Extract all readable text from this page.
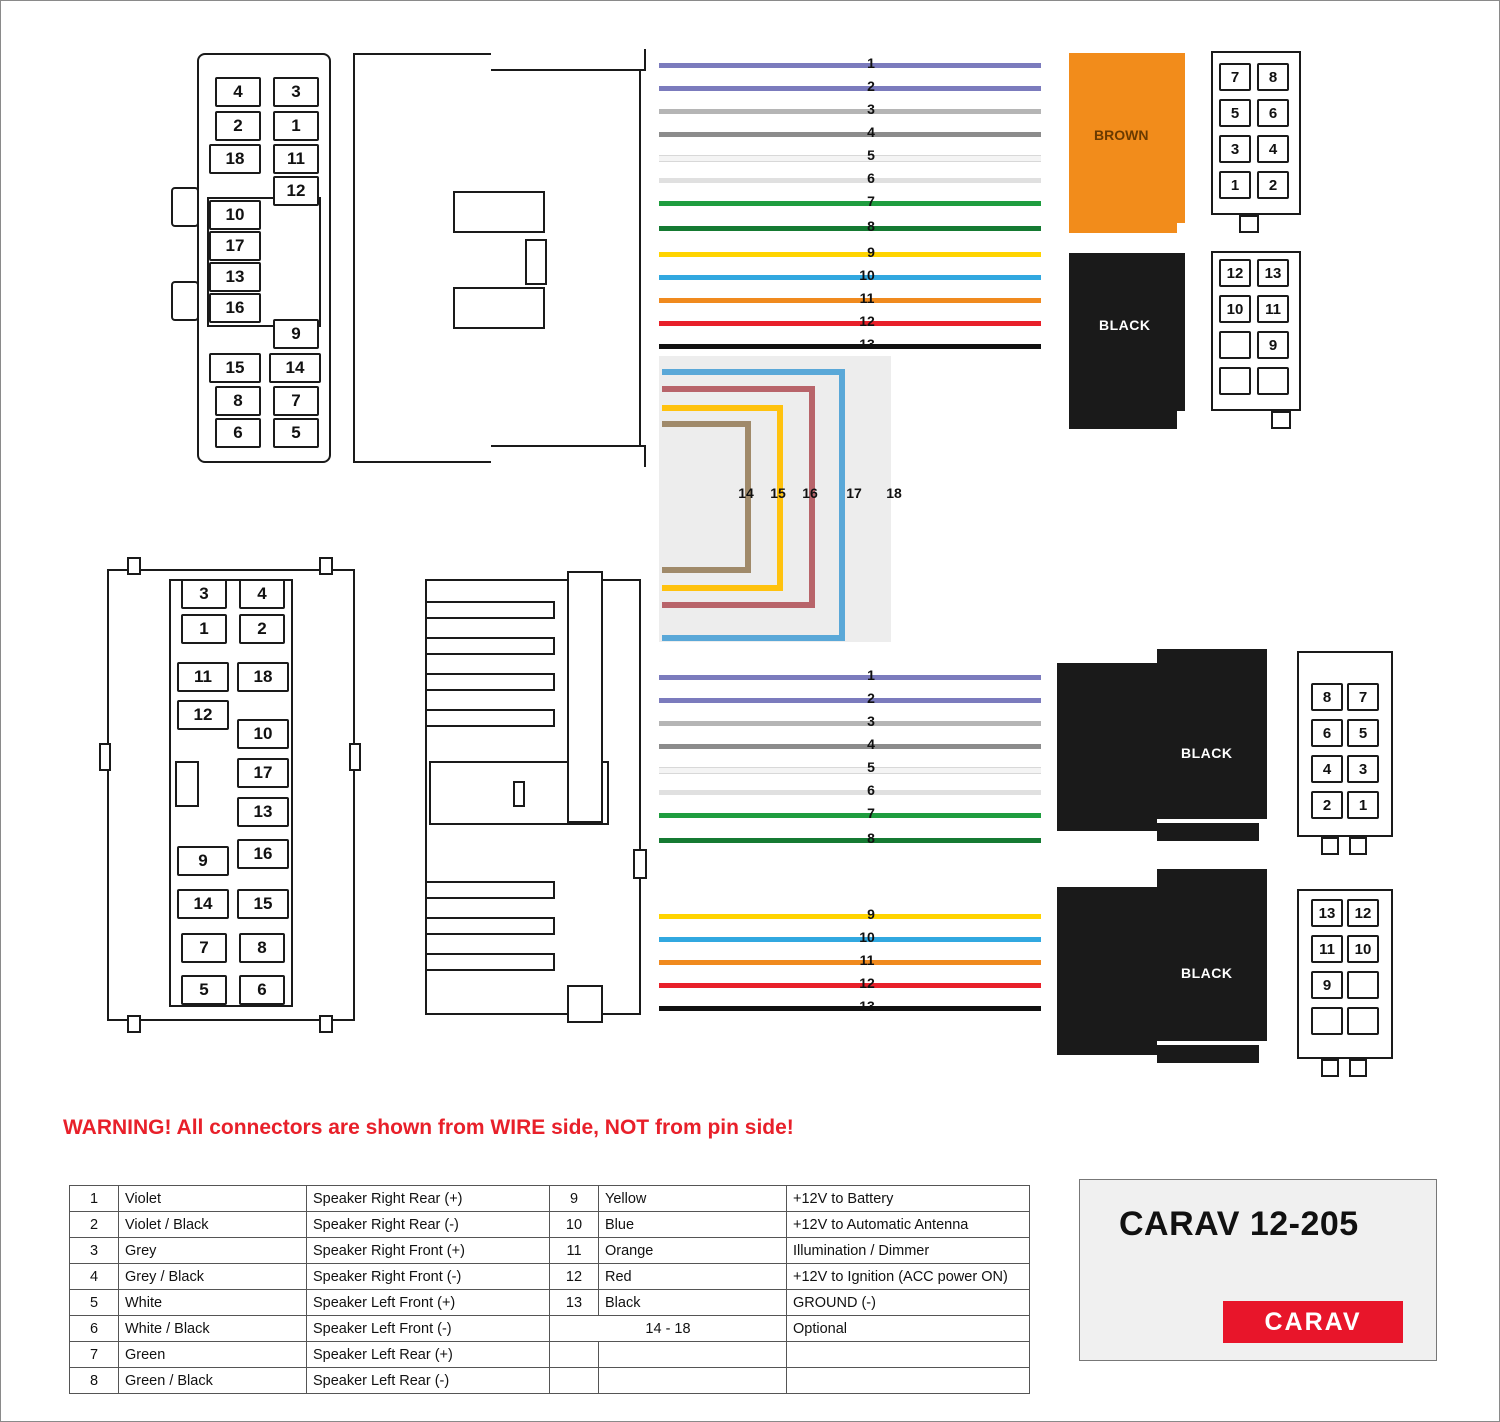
4	3
2	1
18	11
12
10
17
13
16
9
15	14
8	7
6	5
1
2
3
4
5
6
7
8
9
10
11
12
13
14	15	16	17	18
BROWN
BLACK
7	8
5	6
3	4
1	2
12	13
10	11
9
3	4
1	2
11	18
12
10
17
13
9	16
14	15
7	8
5	6
1
2
3
4
5
6
7
8
9
10
11
12
13
BLACK
BLACK
8	7
6	5
4	3
2	1
13	12
11	10
9
WARNING! All connectors are shown from WIRE side, NOT from pin side!
1	Violet	Speaker Right Rear (+)	9	Yellow	+12V to Battery
2	Violet / Black	Speaker Right Rear (-)	10	Blue	+12V to Automatic Antenna
3	Grey	Speaker Right Front (+)	11	Orange	Illumination / Dimmer
4	Grey / Black	Speaker Right Front (-)	12	Red	+12V to Ignition (ACC power ON)
5	White	Speaker Left Front (+)	13	Black	GROUND (-)
6	White / Black	Speaker Left Front (-)	14 - 18		Optional
7	Green	Speaker Left Rear (+)			
8	Green / Black	Speaker Left Rear (-)			
CARAV 12-205
CARAV
